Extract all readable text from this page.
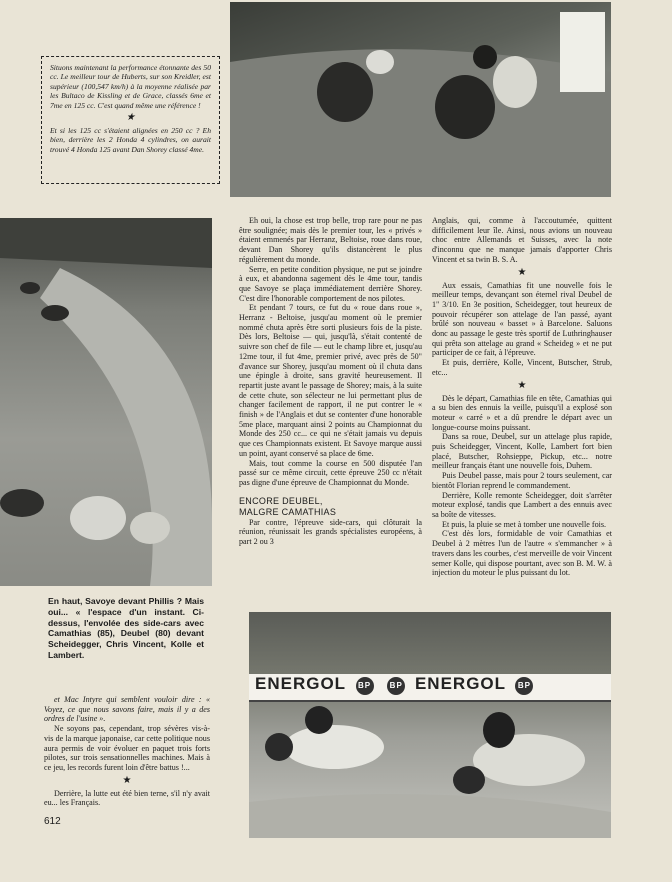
Situons maintenant la performance étonnante des 50 cc. Le meilleur tour de Huberts, sur son Kreidler, est supérieur (100,547 km/h) à la moyenne réalisée par les Bultaco de Kissling et de Grace, classés 6me et 7me en 125 cc. C'est quand même une référence !

★

Et si les 125 cc s'étaient alignées en 250 cc ? Eh bien, derrière les 2 Honda 4 cylindres, on aurait trouvé 4 Honda 125 avant Dan Shorey classé 4me.

En haut, Savoye devant Phillis ? Mais oui... « l'espace d'un instant. Ci-dessus, l'envolée des side-cars avec Camathias (85), Deubel (80) devant Scheidegger, Chris Vincent, Kolle et Lambert.

et Mac Intyre qui semblent vouloir dire : « Voyez, ce que nous savons faire, mais il y a des ordres de l'usine ».

Ne soyons pas, cependant, trop sévères vis-à-vis de la marque japonaise, car cette politique nous aura permis de voir évoluer en paquet trois forts pilotes, sur trois sensationnelles machines. Mais à ce jeu, les records furent loin d'être battus !...

★

Derrière, la lutte eut été bien terne, s'il n'y avait eu... les Français.

Eh oui, la chose est trop belle, trop rare pour ne pas être soulignée; mais dès le premier tour, les « privés » étaient emmenés par Herranz, Beltoise, roue dans roue, devant Dan Shorey qu'ils distancèrent le plus régulièrement du monde.

Serre, en petite condition physique, ne put se joindre à eux, et abandonna sagement dès le 4me tour, tandis que Savoye se plaça immédiatement derrière Shorey. C'est dire l'honorable comportement de nos pilotes.

Et pendant 7 tours, ce fut du « roue dans roue », Herranz - Beltoise, jusqu'au moment où le premier nommé chuta après être sorti plusieurs fois de la piste. Dès lors, Beltoise — qui, jusqu'là, s'était contenté de suivre son chef de file — eut le champ libre et, jusqu'au 12me tour, il fut 4me, premier privé, avec près de 50" d'avance sur Shorey, jusqu'au moment où il chuta dans une épingle à droite, sans gravité heureusement. Il repartit juste avant le passage de Shorey; mais, à la suite de cette chute, son sélecteur ne lui permettant plus de changer facilement de rapport, il ne put contrer le « finish » de l'Anglais et dut se contenter d'une honorable 5me place, marquant ainsi 2 points au Championnat du Monde des 250 cc... ce qui ne s'était jamais vu depuis que ces Championnats existent. Et Savoye marque aussi un point, ayant conservé sa place de 6me.

Mais, tout comme la course en 500 disputée l'an passé sur ce même circuit, cette épreuve 250 cc n'était pas digne d'une épreuve de Championnat du Monde.

ENCORE DEUBEL,

MALGRE CAMATHIAS

Par contre, l'épreuve side-cars, qui clôturait la réunion, réunissait les grands spécialistes européens, à part 2 ou 3

Anglais, qui, comme à l'accoutumée, quittent difficilement leur île. Ainsi, nous avions un nouveau choc entre Allemands et Suisses, avec la note d'inconnu que ne manque jamais d'apporter Chris Vincent et sa twin B. S. A.

★

Aux essais, Camathias fit une nouvelle fois le meilleur temps, devançant son éternel rival Deubel de 1" 3/10. En 3e position, Scheidegger, tout heureux de pouvoir récupérer son attelage de l'an passé, ayant brûlé son nouveau « basset » à Barcelone. Saluons donc au passage le geste très sportif de Luthringhauser qui prêta son attelage au grand « Scheideg » et ne put participer de ce fait, à l'épreuve.

Et puis, derrière, Kolle, Vincent, Butscher, Strub, etc...

★

Dès le départ, Camathias file en tête, Camathias qui a su bien des ennuis la veille, puisqu'il a explosé son moteur « carré » et a dû prendre le départ avec un longue-course moins puissant.

Dans sa roue, Deubel, sur un attelage plus rapide, puis Scheidegger, Vincent, Kolle, Lambert fort bien placé, Butscher, Rohsieppe, Pickup, etc... notre meilleur français étant une nouvelle fois, Duhem.

Puis Deubel passe, mais pour 2 tours seulement, car bientôt Florian reprend le commandement.

Derrière, Kolle remonte Scheidegger, doit s'arrêter moteur explosé, tandis que Lambert a des ennuis avec sa boîte de vitesses.

Et puis, la pluie se met à tomber une nouvelle fois.

C'est dès lors, formidable de voir Camathias et Deubel à 2 mètres l'un de l'autre « s'emmancher » à travers dans les courbes, c'est merveille de voir Vincent semer Kolle, qui dispose pourtant, avec son B. M. W. à injection du moteur le plus puissant du lot.

ENERGOL BP BP ENERGOL BP
612
